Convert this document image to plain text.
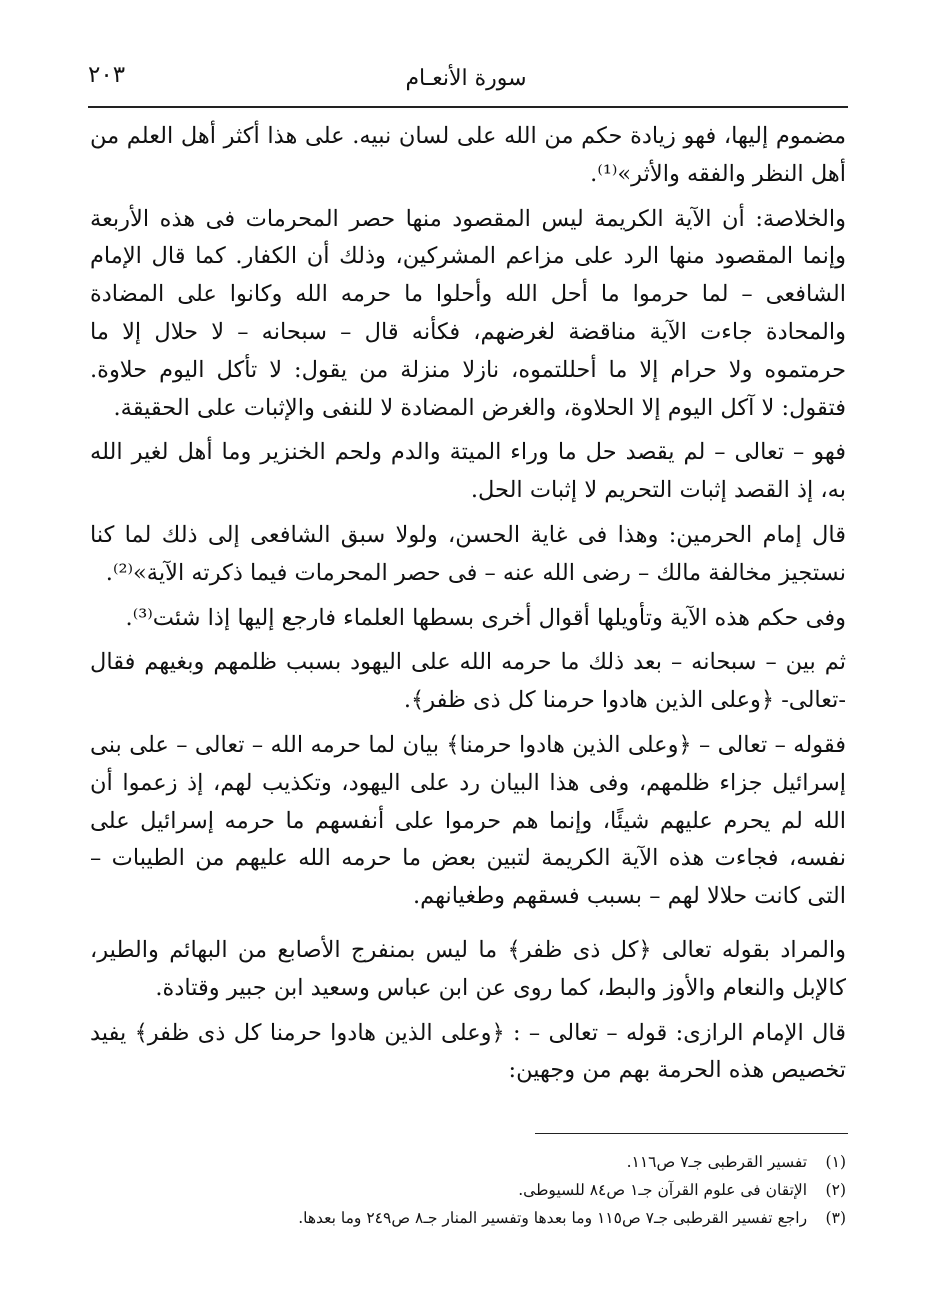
سورة الأنعـام
٢٠٣

مضموم إليها، فهو زيادة حكم من الله على لسان نبيه. على هذا أكثر أهل العلم من أهل النظر والفقه والأثر»⁽¹⁾.

والخلاصة: أن الآية الكريمة ليس المقصود منها حصر المحرمات فى هذه الأربعة وإنما المقصود منها الرد على مزاعم المشركين، وذلك أن الكفار. كما قال الإمام الشافعى – لما حرموا ما أحل الله وأحلوا ما حرمه الله وكانوا على المضادة والمحادة جاءت الآية مناقضة لغرضهم، فكأنه قال – سبحانه – لا حلال إلا ما حرمتموه ولا حرام إلا ما أحللتموه، نازلا منزلة من يقول: لا تأكل اليوم حلاوة. فتقول: لا آكل اليوم إلا الحلاوة، والغرض المضادة لا للنفى والإثبات على الحقيقة.

فهو – تعالى – لم يقصد حل ما وراء الميتة والدم ولحم الخنزير وما أهل لغير الله به، إذ القصد إثبات التحريم لا إثبات الحل.

قال إمام الحرمين: وهذا فى غاية الحسن، ولولا سبق الشافعى إلى ذلك لما كنا نستجيز مخالفة مالك – رضى الله عنه – فى حصر المحرمات فيما ذكرته الآية»⁽²⁾.

وفى حكم هذه الآية وتأويلها أقوال أخرى بسطها العلماء فارجع إليها إذا شئت⁽³⁾.

ثم بين – سبحانه – بعد ذلك ما حرمه الله على اليهود بسبب ظلمهم وبغيهم فقال -تعالى- ﴿وعلى الذين هادوا حرمنا كل ذى ظفر﴾.

فقوله – تعالى – ﴿وعلى الذين هادوا حرمنا﴾ بيان لما حرمه الله – تعالى – على بنى إسرائيل جزاء ظلمهم، وفى هذا البيان رد على اليهود، وتكذيب لهم، إذ زعموا أن الله لم يحرم عليهم شيئًا، وإنما هم حرموا على أنفسهم ما حرمه إسرائيل على نفسه، فجاءت هذه الآية الكريمة لتبين بعض ما حرمه الله عليهم من الطيبات – التى كانت حلالا لهم – بسبب فسقهم وطغيانهم.

والمراد بقوله تعالى ﴿كل ذى ظفر﴾ ما ليس بمنفرج الأصابع من البهائم والطير، كالإبل والنعام والأوز والبط، كما روى عن ابن عباس وسعيد ابن جبير وقتادة.

قال الإمام الرازى: قوله – تعالى – : ﴿وعلى الذين هادوا حرمنا كل ذى ظفر﴾ يفيد تخصيص هذه الحرمة بهم من وجهين:

(١) تفسير القرطبى جـ٧ ص١١٦.

(٢) الإتقان فى علوم القرآن جـ١ ص٨٤ للسيوطى.

(٣) راجع تفسير القرطبى جـ٧ ص١١٥ وما بعدها وتفسير المنار جـ٨ ص٢٤٩ وما بعدها.
